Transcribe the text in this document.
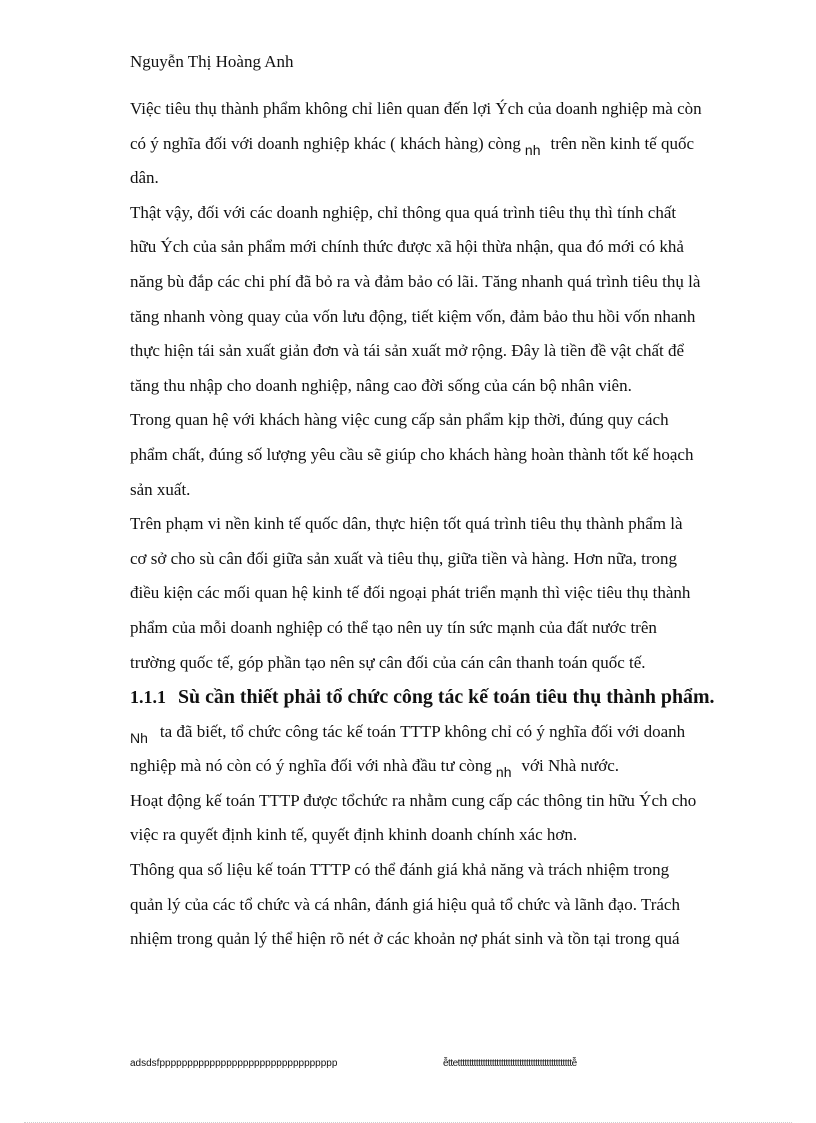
Nguyễn Thị Hoàng Anh

Việc tiêu thụ thành phẩm không chỉ liên quan đến lợi Ých của doanh nghiệp mà còn
có ý nghĩa đối với doanh nghiệp khác ( khách hàng) còng $_{nh}$ trên nền kinh tế quốc
dân.

Thật vậy, đối với các doanh nghiệp, chỉ thông qua quá trình tiêu thụ thì tính chất
hữu Ých của sản phẩm mới chính thức được xã hội thừa nhận, qua đó mới có khả
năng bù đắp các chi phí đã bỏ ra và đảm bảo có lãi. Tăng nhanh quá trình tiêu thụ là
tăng nhanh vòng quay của vốn lưu động, tiết kiệm vốn, đảm bảo thu hồi vốn nhanh
thực hiện tái sản xuất giản đơn và tái sản xuất mở rộng. Đây là tiền đề vật chất để
tăng thu nhập cho doanh nghiệp, nâng cao đời sống của cán bộ nhân viên.

Trong quan hệ với khách hàng việc cung cấp sản phẩm kịp thời, đúng quy cách
phẩm chất, đúng số lượng yêu cầu sẽ giúp cho khách hàng hoàn thành tốt kế hoạch
sản xuất.

Trên phạm vi nền kinh tế quốc dân, thực hiện tốt quá trình tiêu thụ thành phẩm là
cơ sở cho sù cân đối giữa sản xuất và tiêu thụ, giữa tiền và hàng. Hơn nữa, trong
điều kiện các mối quan hệ kinh tế đối ngoại phát triển mạnh thì việc tiêu thụ thành
phẩm của mỗi doanh nghiệp có thể tạo nên uy tín sức mạnh của đất nước trên
trường quốc tế, góp phần tạo nên sự cân đối của cán cân thanh toán quốc tế.

1.1.1 Sù cần thiết phải tổ chức công tác kế toán tiêu thụ thành phẩm.

$_{Nh}$ ta đã biết, tổ chức công tác kế toán TTTP không chỉ có ý nghĩa đối với doanh
nghiệp mà nó còn có ý nghĩa đối với nhà đầu tư còng $_{nh}$ với Nhà nước.

Hoạt động kế toán TTTP được tổchức ra nhằm cung cấp các thông tin hữu Ých cho
việc ra quyết định kinh tế, quyết định khinh doanh chính xác hơn.

Thông qua số liệu kế toán TTTP có thể đánh giá khả năng và trách nhiệm trong
quản lý của các tổ chức và cá nhân, đánh giá hiệu quả tổ chức và lãnh đạo. Trách
nhiệm trong quản lý thể hiện rõ nét ở các khoản nợ phát sinh và tồn tại trong quá

adsdsfpppppppppppppppppppppppppppppppp	ễttettttttttttttttttttttttttttttttttttttttttttttttttttễ
